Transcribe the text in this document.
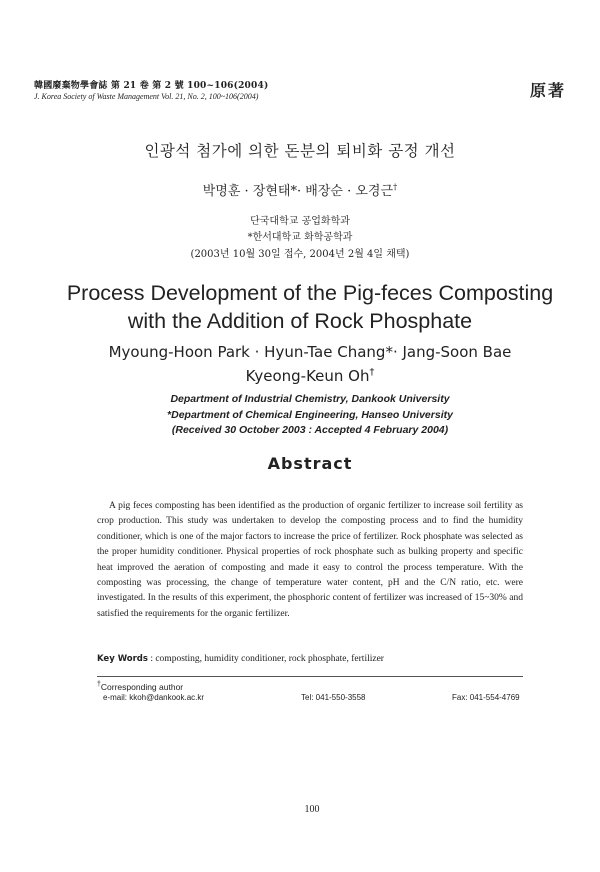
韓國廢棄物學會誌 第 21 卷 第 2 號 100~106(2004)
J. Korea Society of Waste Management Vol. 21, No. 2, 100~106(2004)	原著
인광석 첨가에 의한 돈분의 퇴비화 공정 개선
박명훈 · 장현태*· 배장순 · 오경근†
단국대학교 공업화학과
*한서대학교 화학공학과
(2003년 10월 30일 접수, 2004년 2월 4일 채택)
Process Development of the Pig-feces Composting
with the Addition of Rock Phosphate
Myoung-Hoon Park · Hyun-Tae Chang*· Jang-Soon Bae
Kyeong-Keun Oh†
Department of Industrial Chemistry, Dankook University
*Department of Chemical Engineering, Hanseo University
(Received 30 October 2003 : Accepted 4 February 2004)
Abstract

A pig feces composting has been identified as the production of organic fertilizer to increase soil fertility as crop production. This study was undertaken to develop the composting process and to find the humidity conditioner, which is one of the major factors to increase the price of fertilizer. Rock phosphate was selected as the proper humidity conditioner. Physical properties of rock phosphate such as bulking property and specific heat improved the aeration of composting and made it easy to control the process temperature. With the composting was processing, the change of temperature water content, pH and the C/N ratio, etc. were investigated. In the results of this experiment, the phosphoric content of fertilizer was increased of 15~30% and satisfied the requirements for the organic fertilizer.

Key Words : composting, humidity conditioner, rock phosphate, fertilizer
†Corresponding author
e-mail: kkoh@dankook.ac.kr	Tel: 041-550-3558	Fax: 041-554-4769
100
